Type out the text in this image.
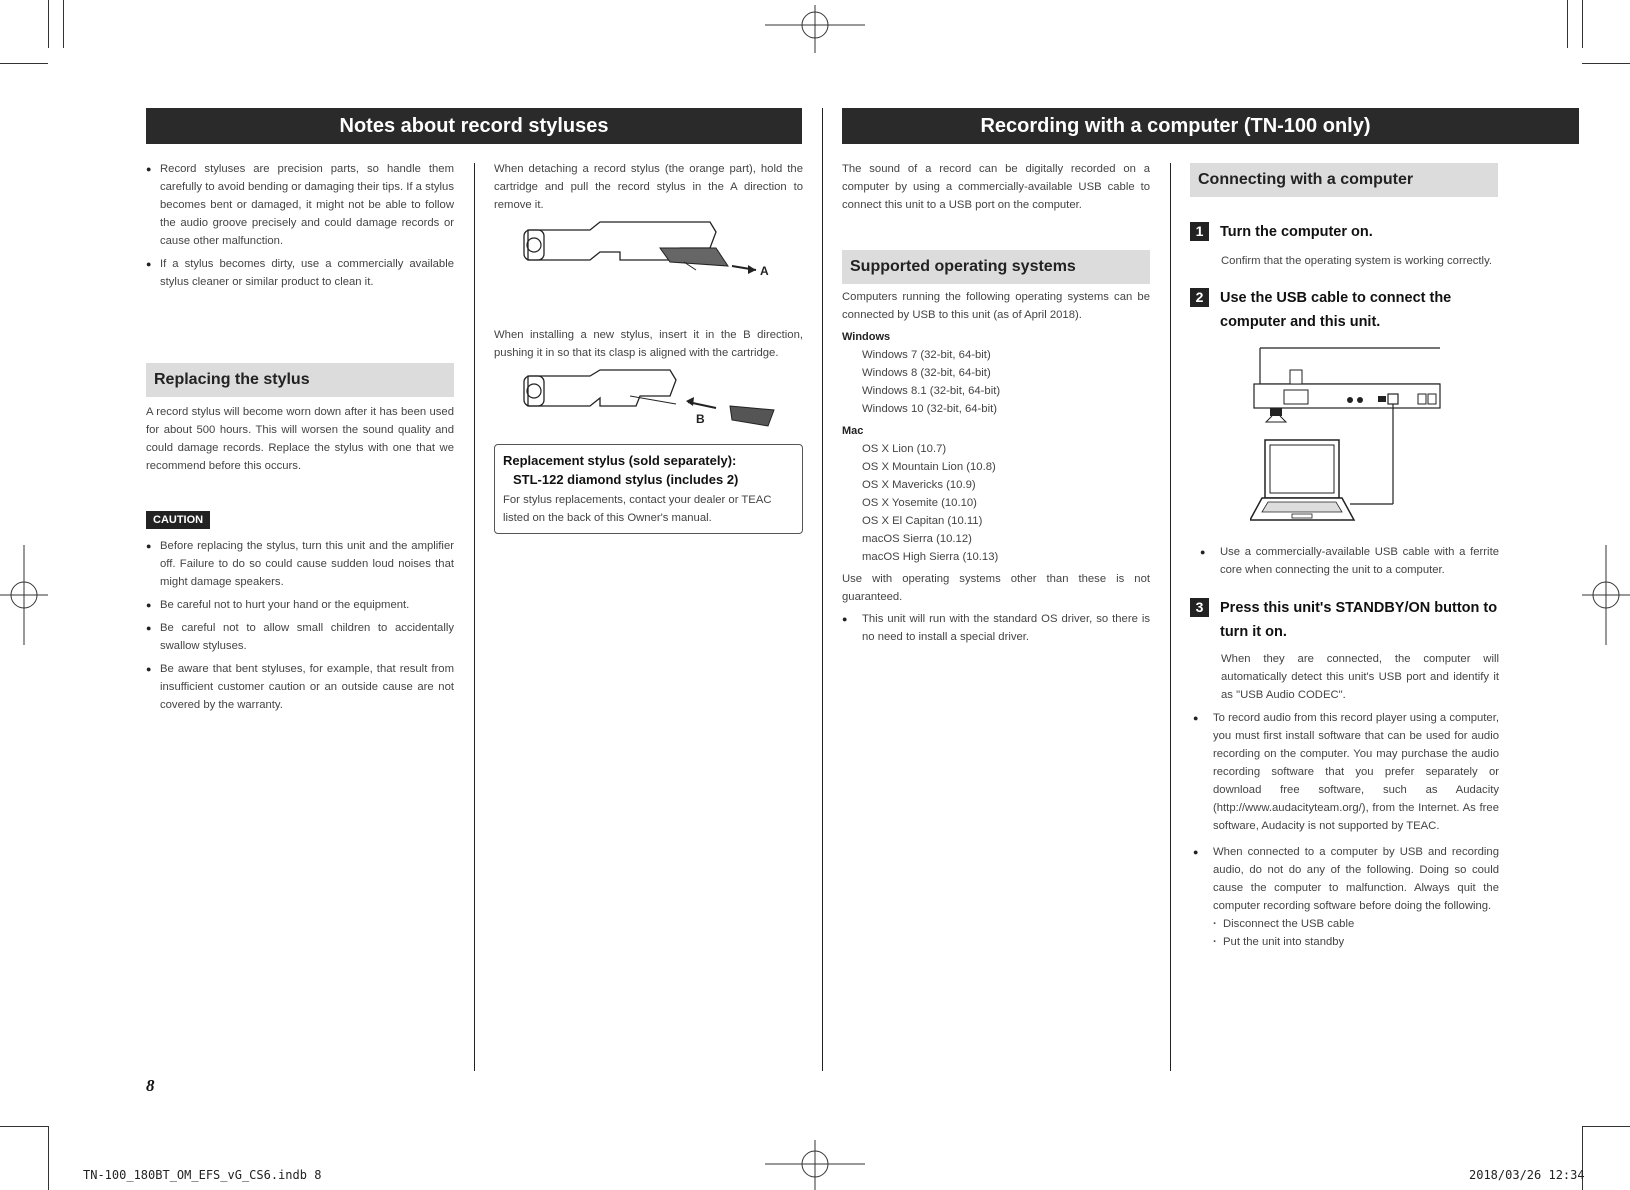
Notes about record styluses
● Record styluses are precision parts, so handle them carefully to avoid bending or damaging their tips. If a stylus becomes bent or damaged, it might not be able to follow the audio groove precisely and could damage records or cause other malfunction.
● If a stylus becomes dirty, use a commercially available stylus cleaner or similar product to clean it.
Replacing the stylus
A record stylus will become worn down after it has been used for about 500 hours. This will worsen the sound quality and could damage records. Replace the stylus with one that we recommend before this occurs.
CAUTION
● Before replacing the stylus, turn this unit and the amplifier off. Failure to do so could cause sudden loud noises that might damage speakers.
● Be careful not to hurt your hand or the equipment.
● Be careful not to allow small children to accidentally swallow styluses.
● Be aware that bent styluses, for example, that result from insufficient customer caution or an outside cause are not covered by the warranty.
When detaching a record stylus (the orange part), hold the cartridge and pull the record stylus in the A direction to remove it.
A
When installing a new stylus, insert it in the B direction, pushing it in so that its clasp is aligned with the cartridge.
B
Replacement stylus (sold separately):
STL-122 diamond stylus (includes 2)
For stylus replacements, contact your dealer or TEAC listed on the back of this Owner's manual.
8
Recording with a computer (TN-100 only)
The sound of a record can be digitally recorded on a computer by using a commercially-available USB cable to connect this unit to a USB port on the computer.
Supported operating systems
Computers running the following operating systems can be connected by USB to this unit (as of April 2018).
Windows
Windows 7 (32-bit, 64-bit)
Windows 8 (32-bit, 64-bit)
Windows 8.1 (32-bit, 64-bit)
Windows 10 (32-bit, 64-bit)
Mac
OS X Lion (10.7)
OS X Mountain Lion (10.8)
OS X Mavericks (10.9)
OS X Yosemite (10.10)
OS X El Capitan (10.11)
macOS Sierra (10.12)
macOS High Sierra (10.13)
Use with operating systems other than these is not guaranteed.
● This unit will run with the standard OS driver, so there is no need to install a special driver.
Connecting with a computer
1	Turn the computer on.
Confirm that the operating system is working correctly.
2	Use the USB cable to connect the computer and this unit.
● Use a commercially-available USB cable with a ferrite core when connecting the unit to a computer.
3	Press this unit's STANDBY/ON button to turn it on.
When they are connected, the computer will automatically detect this unit's USB port and identify it as "USB Audio CODEC".
● To record audio from this record player using a computer, you must first install software that can be used for audio recording on the computer. You may purchase the audio recording software that you prefer separately or download free software, such as Audacity (http://www.audacityteam.org/), from the Internet. As free software, Audacity is not supported by TEAC.
● When connected to a computer by USB and recording audio, do not do any of the following. Doing so could cause the computer to malfunction. Always quit the computer recording software before doing the following.
· Disconnect the USB cable
· Put the unit into standby
TN-100_180BT_OM_EFS_vG_CS6.indb 8	2018/03/26 12:34
